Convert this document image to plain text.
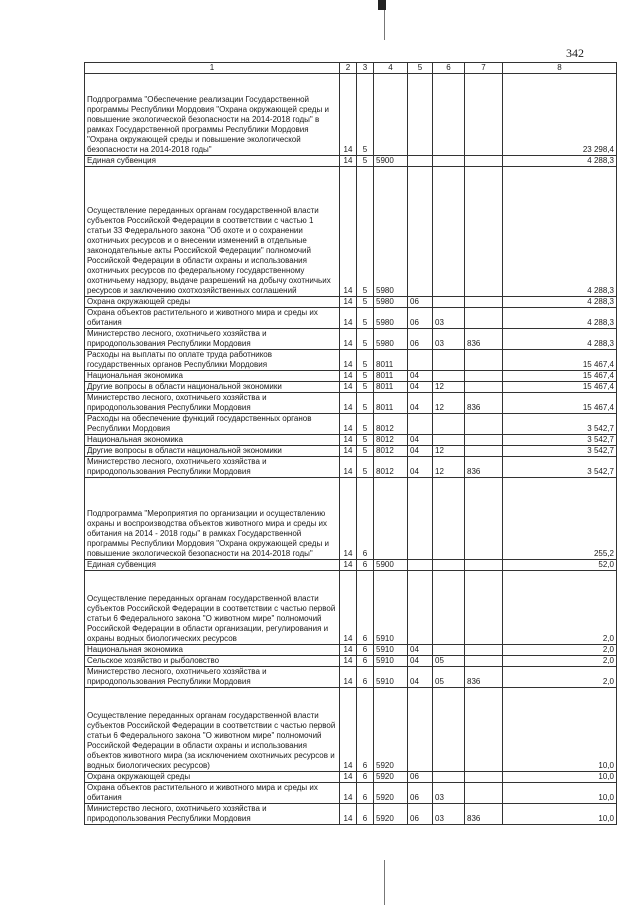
342
1	2	3	4	5	6	7	8
Подпрограмма "Обеспечение реализации Государственной программы Республики Мордовия "Охрана окружающей среды и повышение экологической безопасности на 2014-2018 годы" в рамках Государственной программы Республики Мордовия "Охрана окружающей среды и повышение экологической безопасности на 2014-2018 годы"	14	5					23 298,4
Единая субвенция	14	5	5900				4 288,3
Осуществление переданных органам государственной власти субъектов Российской Федерации в соответствии с частью 1 статьи 33 Федерального закона "Об охоте и о сохранении охотничьих ресурсов и о внесении изменений в отдельные законодательные акты Российской Федерации" полномочий Российской Федерации в области охраны и использования охотничьих ресурсов по федеральному государственному охотничьему надзору, выдаче разрешений на добычу охотничьих ресурсов и заключению охотхозяйственных соглашений	14	5	5980				4 288,3
Охрана окружающей среды	14	5	5980	06			4 288,3
Охрана объектов растительного и животного мира и среды их обитания	14	5	5980	06	03		4 288,3
Министерство лесного, охотничьего хозяйства и природопользования Республики Мордовия	14	5	5980	06	03	836	4 288,3
Расходы на выплаты по оплате труда работников государственных органов Республики Мордовия	14	5	8011				15 467,4
Национальная экономика	14	5	8011	04			15 467,4
Другие вопросы в области национальной экономики	14	5	8011	04	12		15 467,4
Министерство лесного, охотничьего хозяйства и природопользования Республики Мордовия	14	5	8011	04	12	836	15 467,4
Расходы на обеспечение функций государственных органов Республики Мордовия	14	5	8012				3 542,7
Национальная экономика	14	5	8012	04			3 542,7
Другие вопросы в области национальной экономики	14	5	8012	04	12		3 542,7
Министерство лесного, охотничьего хозяйства и природопользования Республики Мордовия	14	5	8012	04	12	836	3 542,7
Подпрограмма "Мероприятия по организации и осуществлению охраны и воспроизводства объектов животного мира и среды их обитания на 2014 - 2018 годы" в рамках Государственной программы Республики Мордовия "Охрана окружающей среды и повышение экологической безопасности на 2014-2018 годы"	14	6					255,2
Единая субвенция	14	6	5900				52,0
Осуществление переданных органам государственной власти субъектов Российской Федерации в соответствии с частью первой статьи 6 Федерального закона "О животном мире" полномочий Российской Федерации в области организации, регулирования и охраны водных биологических ресурсов	14	6	5910				2,0
Национальная экономика	14	6	5910	04			2,0
Сельское хозяйство и рыболовство	14	6	5910	04	05		2,0
Министерство лесного, охотничьего хозяйства и природопользования Республики Мордовия	14	6	5910	04	05	836	2,0
Осуществление переданных органам государственной власти субъектов Российской Федерации в соответствии с частью первой статьи 6 Федерального закона "О животном мире" полномочий Российской Федерации в области охраны и использования объектов животного мира (за исключением охотничьих ресурсов и водных биологических ресурсов)	14	6	5920				10,0
Охрана окружающей среды	14	6	5920	06			10,0
Охрана объектов растительного и животного мира и среды их обитания	14	6	5920	06	03		10,0
Министерство лесного, охотничьего хозяйства и природопользования Республики Мордовия	14	6	5920	06	03	836	10,0
